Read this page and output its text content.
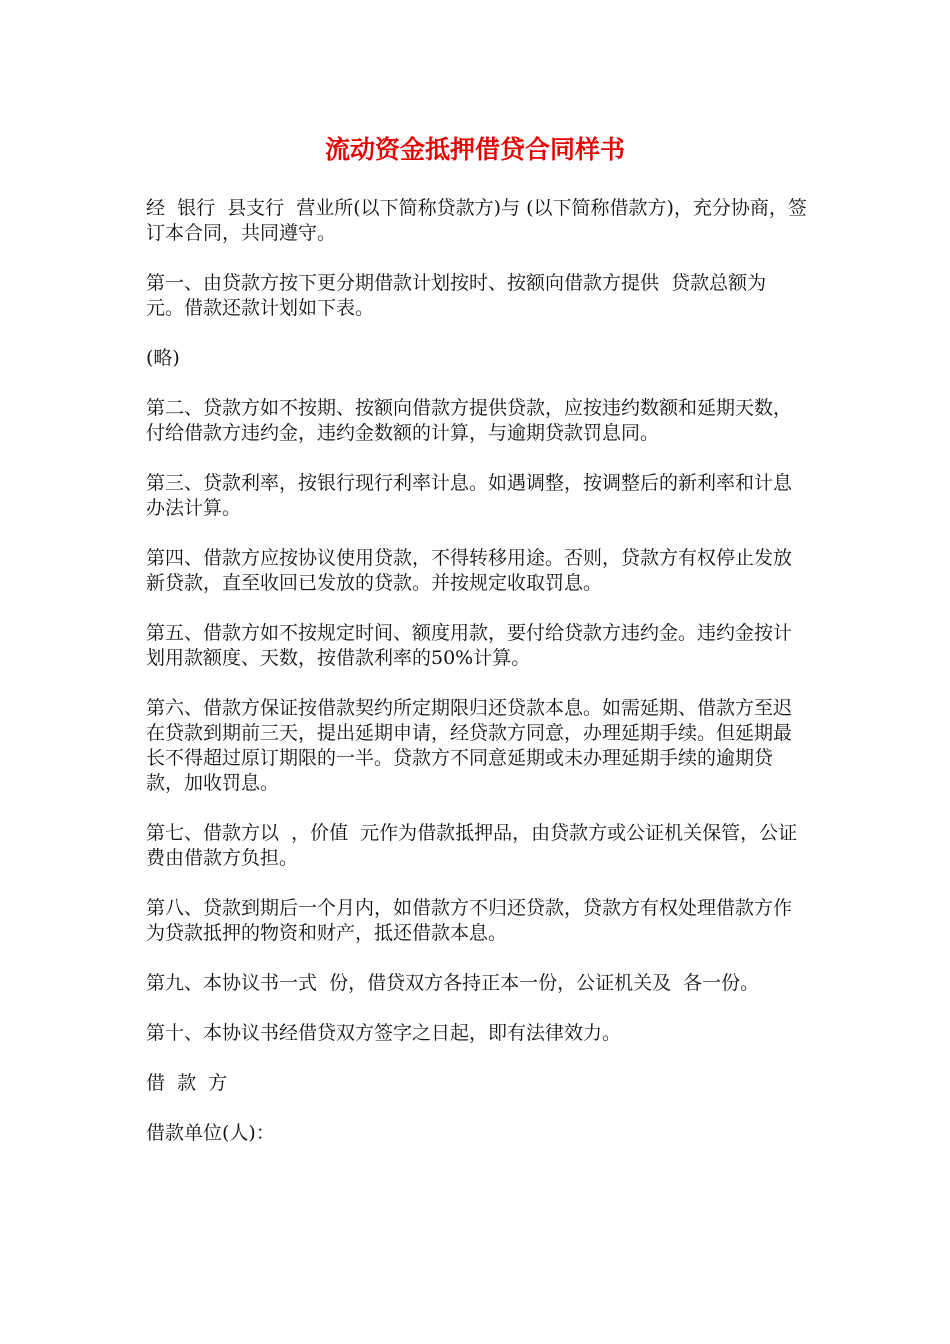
流动资金抵押借贷合同样书

经  银行  县支行  营业所(以下简称贷款方)与 (以下简称借款方)，充分协商，签订本合同，共同遵守。

第一、由贷款方按下更分期借款计划按时、按额向借款方提供  贷款总额为  元。借款还款计划如下表。

(略)

第二、贷款方如不按期、按额向借款方提供贷款，应按违约数额和延期天数，付给借款方违约金，违约金数额的计算，与逾期贷款罚息同。

第三、贷款利率，按银行现行利率计息。如遇调整，按调整后的新利率和计息办法计算。

第四、借款方应按协议使用贷款，不得转移用途。否则，贷款方有权停止发放新贷款，直至收回已发放的贷款。并按规定收取罚息。

第五、借款方如不按规定时间、额度用款，要付给贷款方违约金。违约金按计划用款额度、天数，按借款利率的50%计算。

第六、借款方保证按借款契约所定期限归还贷款本息。如需延期、借款方至迟在贷款到期前三天，提出延期申请，经贷款方同意，办理延期手续。但延期最长不得超过原订期限的一半。贷款方不同意延期或未办理延期手续的逾期贷款，加收罚息。

第七、借款方以  ，价值  元作为借款抵押品，由贷款方或公证机关保管，公证费由借款方负担。

第八、贷款到期后一个月内，如借款方不归还贷款，贷款方有权处理借款方作为贷款抵押的物资和财产，抵还借款本息。

第九、本协议书一式  份，借贷双方各持正本一份，公证机关及  各一份。

第十、本协议书经借贷双方签字之日起，即有法律效力。

借  款  方

借款单位(人)：
